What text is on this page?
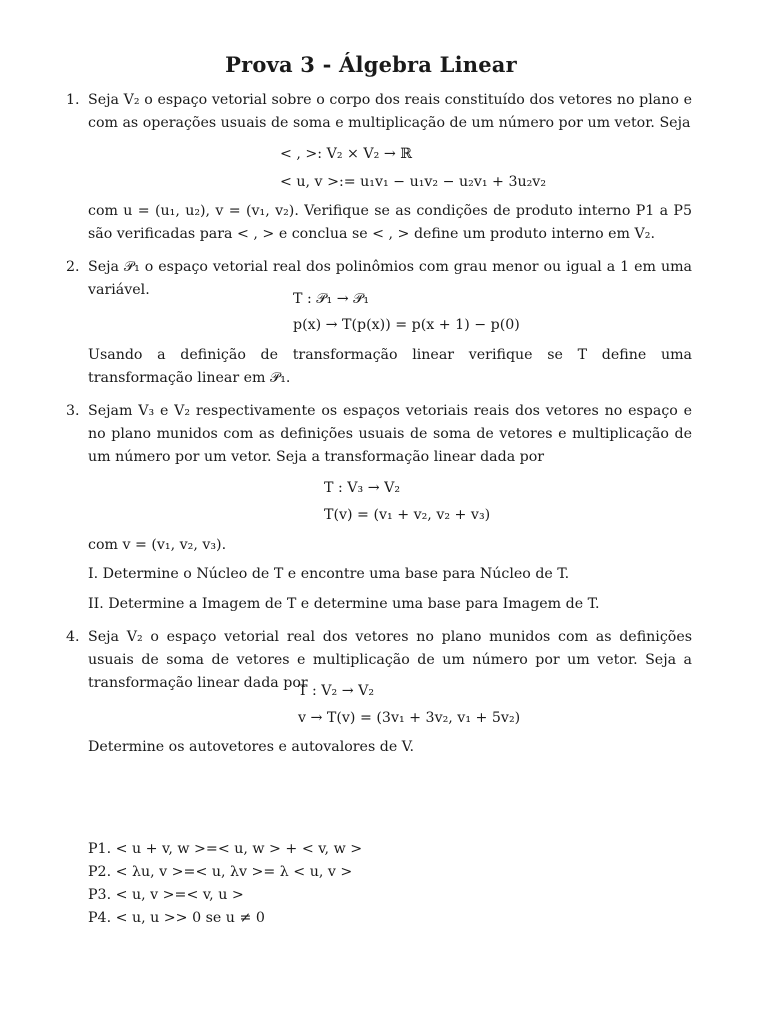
Prova 3 - Álgebra Linear
1. Seja V₂ o espaço vetorial sobre o corpo dos reais constituído dos vetores no plano e com as operações usuais de soma e multiplicação de um número por um vetor. Seja
< , >: V₂ × V₂ → ℝ
< u, v >:= u₁v₁ − u₁v₂ − u₂v₁ + 3u₂v₂
com u = (u₁, u₂), v = (v₁, v₂). Verifique se as condições de produto interno P1 a P5 são verificadas para < , > e conclua se < , > define um produto interno em V₂.
2. Seja 𝒫₁ o espaço vetorial real dos polinômios com grau menor ou igual a 1 em uma variável.
T : 𝒫₁ → 𝒫₁
p(x) → T(p(x)) = p(x + 1) − p(0)
Usando a definição de transformação linear verifique se T define uma transformação linear em 𝒫₁.
3. Sejam V₃ e V₂ respectivamente os espaços vetoriais reais dos vetores no espaço e no plano munidos com as definições usuais de soma de vetores e multiplicação de um número por um vetor. Seja a transformação linear dada por
T : V₃ → V₂
T(v) = (v₁ + v₂, v₂ + v₃)
com v = (v₁, v₂, v₃).
I. Determine o Núcleo de T e encontre uma base para Núcleo de T.
II. Determine a Imagem de T e determine uma base para Imagem de T.
4. Seja V₂ o espaço vetorial real dos vetores no plano munidos com as definições usuais de soma de vetores e multiplicação de um número por um vetor. Seja a transformação linear dada por
T : V₂ → V₂
v → T(v) = (3v₁ + 3v₂, v₁ + 5v₂)
Determine os autovetores e autovalores de V.
P1. < u + v, w >=< u, w > + < v, w >
P2. < λu, v >=< u, λv >= λ < u, v >
P3. < u, v >=< v, u >
P4. < u, u >> 0 se u ≠ 0
